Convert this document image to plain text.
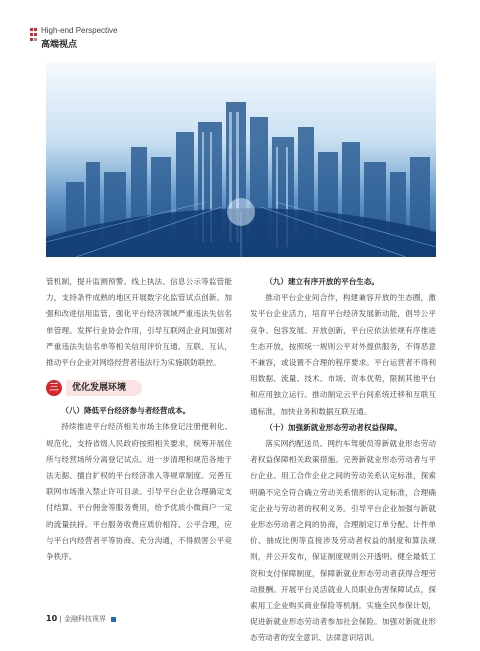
High-end Perspective
高端视点

管机制，提升监测预警、线上执法、信息公示等监管能力，支持条件成熟的地区开展数字化监管试点创新。加强和改进信用监管，强化平台经济领域严重违法失信名单管理。发挥行业协会作用，引导互联网企业间加强对严重违法失信名单等相关信用评价互通、互联、互认，推动平台企业对网络经营者违法行为实施联防联控。

三	优化发展环境

（八）降低平台经济参与者经营成本。

持续推进平台经济相关市场主体登记注册便利化、规范化，支持省级人民政府按照相关要求，统筹开展住所与经营场所分离登记试点。进一步清理和规范各地于法无据、擅自扩权的平台经济准入等规章制度。完善互联网市场准入禁止许可目录。引导平台企业合理确定支付结算、平台佣金等服务费用，给予优质小微商户一定的流量扶持。平台服务收费应质价相符、公平合理，应与平台内经营者平等协商、充分沟通，不得损害公平竞争秩序。

（九）建立有序开放的平台生态。

推动平台企业间合作，构建兼容开放的生态圈，激发平台企业活力，培育平台经济发展新动能，倡导公平竞争、包容发展、开放创新，平台应依法依规有序推进生态开放，按照统一规则公平对外提供服务，不得恶意不兼容，或设置不合理的程序要求。平台运营者不得利用数据、流量、技术、市场、资本优势，限制其他平台和应用独立运行。推动制定云平台间系统迁移和互联互通标准，加快业务和数据互联互通。

（十）加强新就业形态劳动者权益保障。

落实网约配送员、网约车驾驶员等新就业形态劳动者权益保障相关政策措施。完善新就业形态劳动者与平台企业、用工合作企业之间的劳动关系认定标准，探索明确不完全符合确立劳动关系情形的认定标准，合理确定企业与劳动者的权利义务。引导平台企业加强与新就业形态劳动者之间的协商，合理制定订单分配、计件单价、抽成比例等直接涉及劳动者权益的制度和算法规则，并公开发布，保证制度规则公开透明。健全最低工资和支付保障制度，保障新就业形态劳动者获得合理劳动报酬。开展平台灵活就业人员职业伤害保障试点，探索用工企业购买商业保险等机制。实施全民参保计划，促进新就业形态劳动者参加社会保险。加强对新就业形态劳动者的安全意识、法律意识培训。

10 | 金融科技视界
